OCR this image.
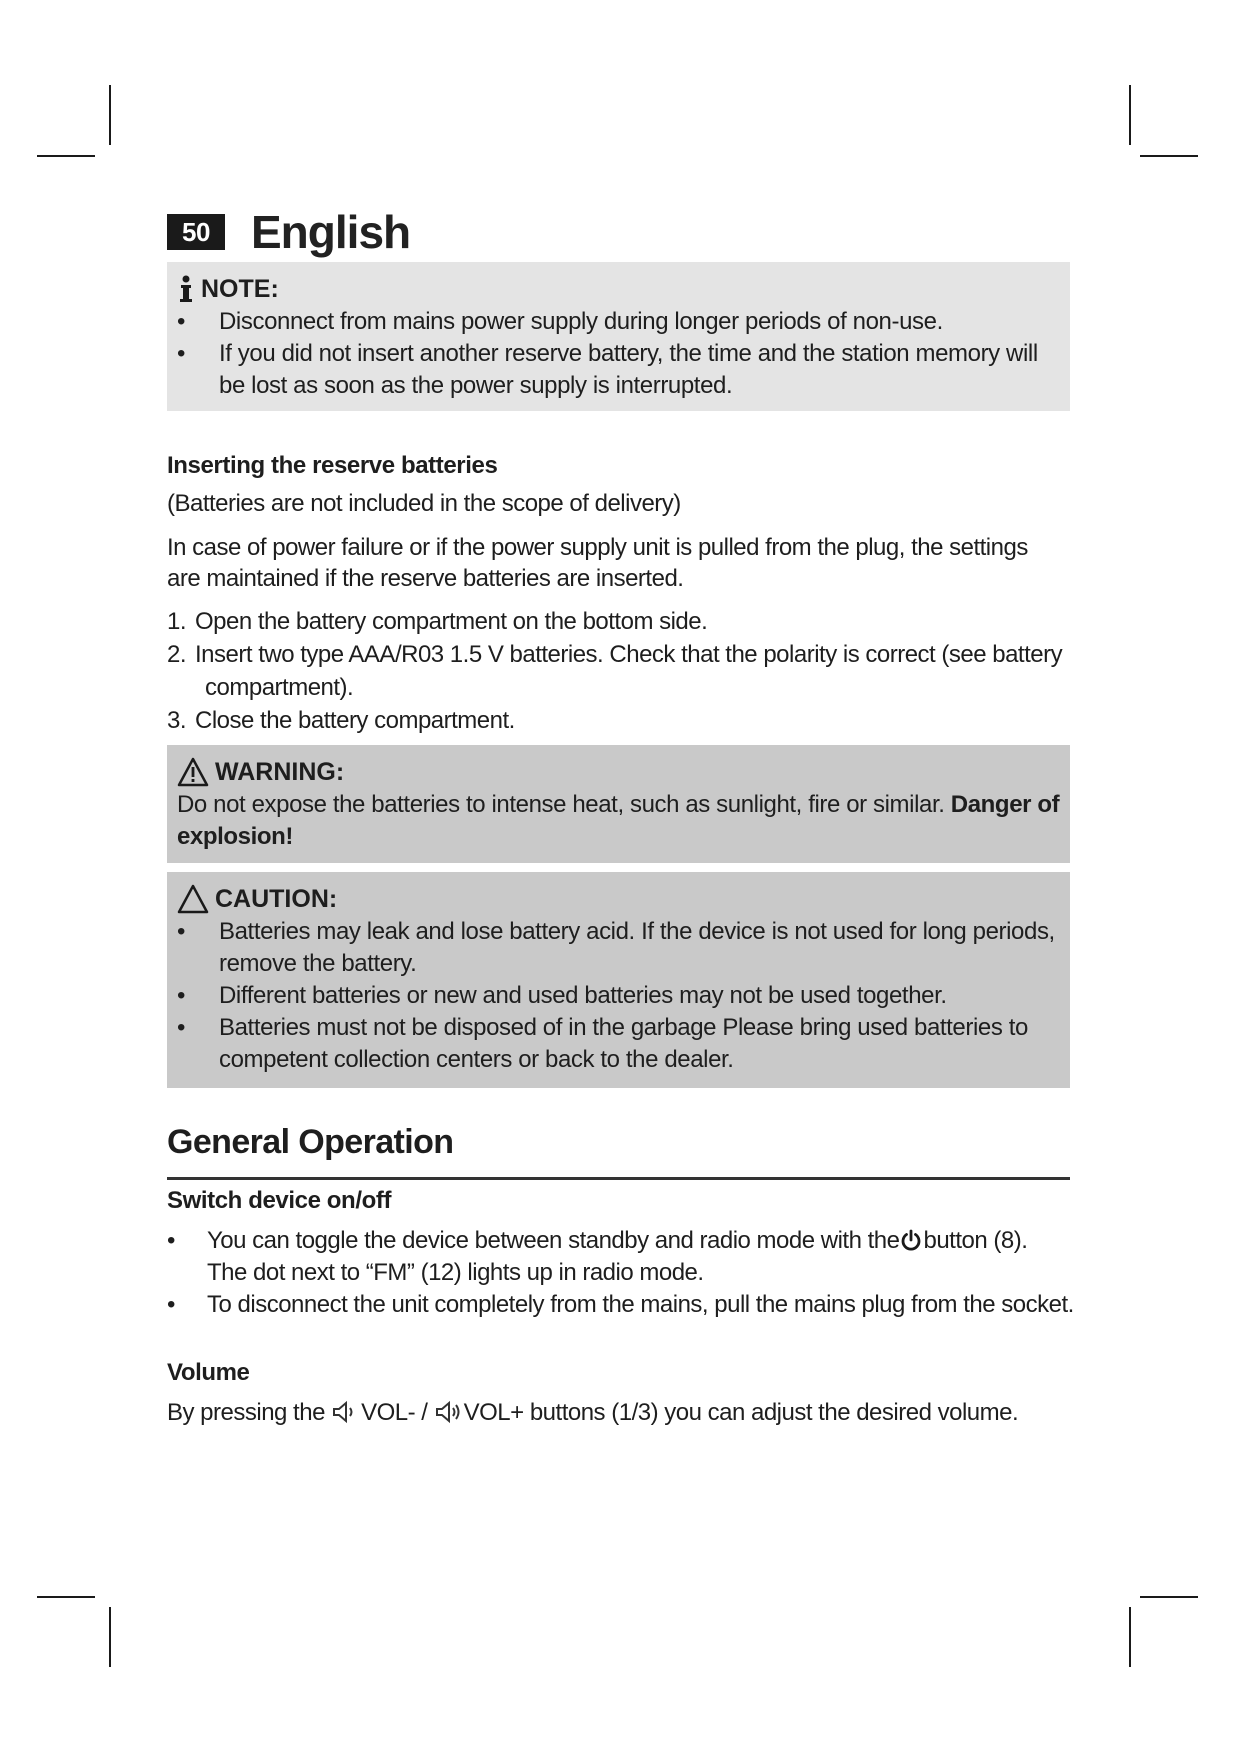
50 English
NOTE:
• Disconnect from mains power supply during longer periods of non-use.
• If you did not insert another reserve battery, the time and the station memory will be lost as soon as the power supply is interrupted.
Inserting the reserve batteries
(Batteries are not included in the scope of delivery)
In case of power failure or if the power supply unit is pulled from the plug, the settings are maintained if the reserve batteries are inserted.
1. Open the battery compartment on the bottom side.
2. Insert two type AAA/R03 1.5 V batteries. Check that the polarity is correct (see battery
compartment).
3. Close the battery compartment.
WARNING:
Do not expose the batteries to intense heat, such as sunlight, fire or similar. Danger of explosion!
CAUTION:
• Batteries may leak and lose battery acid. If the device is not used for long periods, remove the battery.
• Different batteries or new and used batteries may not be used together.
• Batteries must not be disposed of in the garbage Please bring used batteries to competent collection centers or back to the dealer.
General Operation
Switch device on/off
• You can toggle the device between standby and radio mode with the button (8).
The dot next to “FM” (12) lights up in radio mode.
• To disconnect the unit completely from the mains, pull the mains plug from the socket.
Volume
By pressing the VOL- / VOL+ buttons (1/3) you can adjust the desired volume.
